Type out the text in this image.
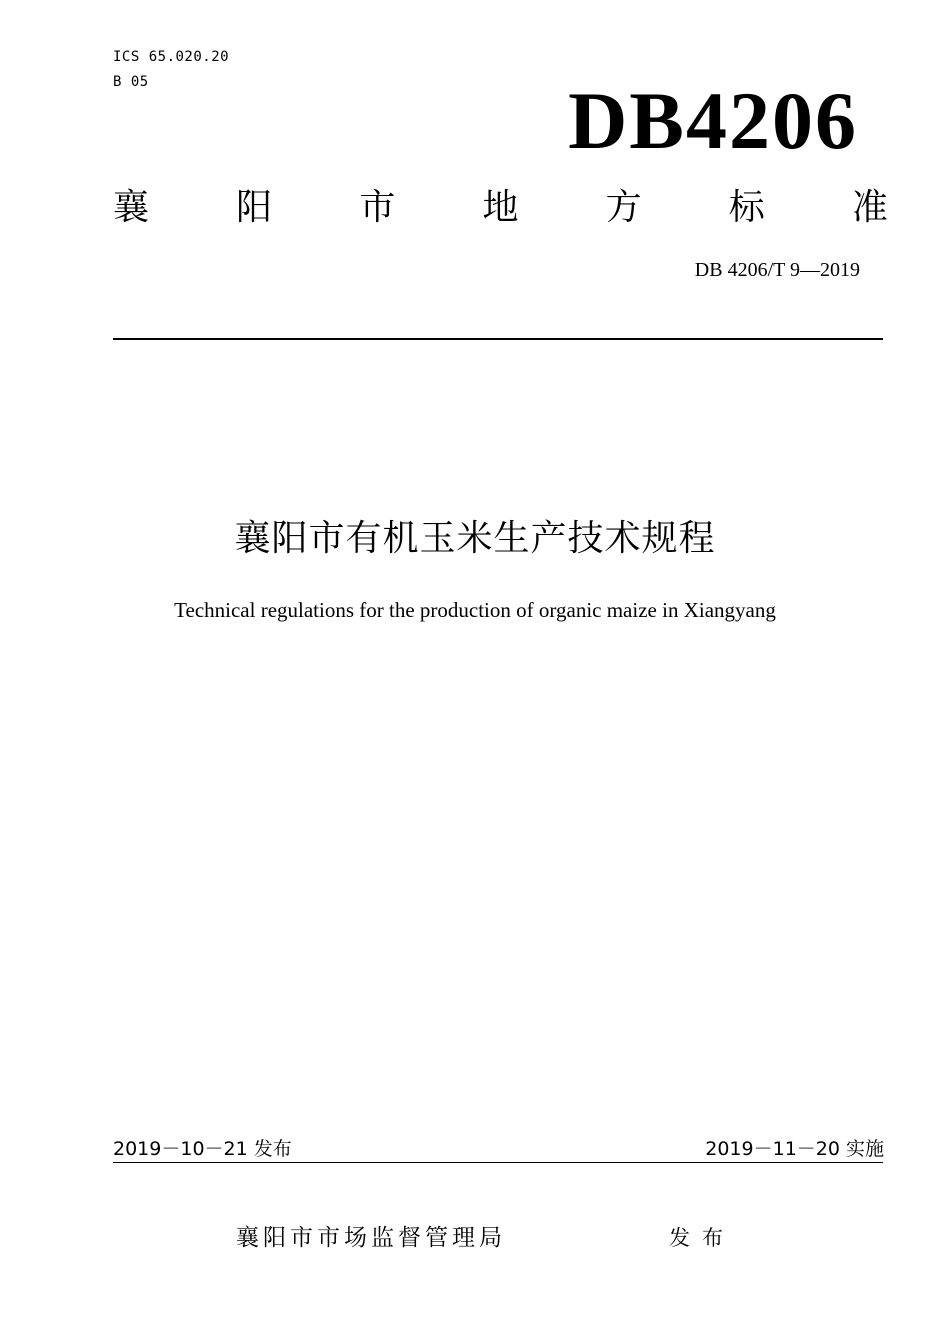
ICS 65.020.20
B 05	DB4206
襄 阳 市 地 方 标 准
DB 4206/T 9—2019
襄阳市有机玉米生产技术规程
Technical regulations for the production of organic maize in Xiangyang
2019－10－21 发布	2019－11－20 实施
襄阳市市场监督管理局	发布
